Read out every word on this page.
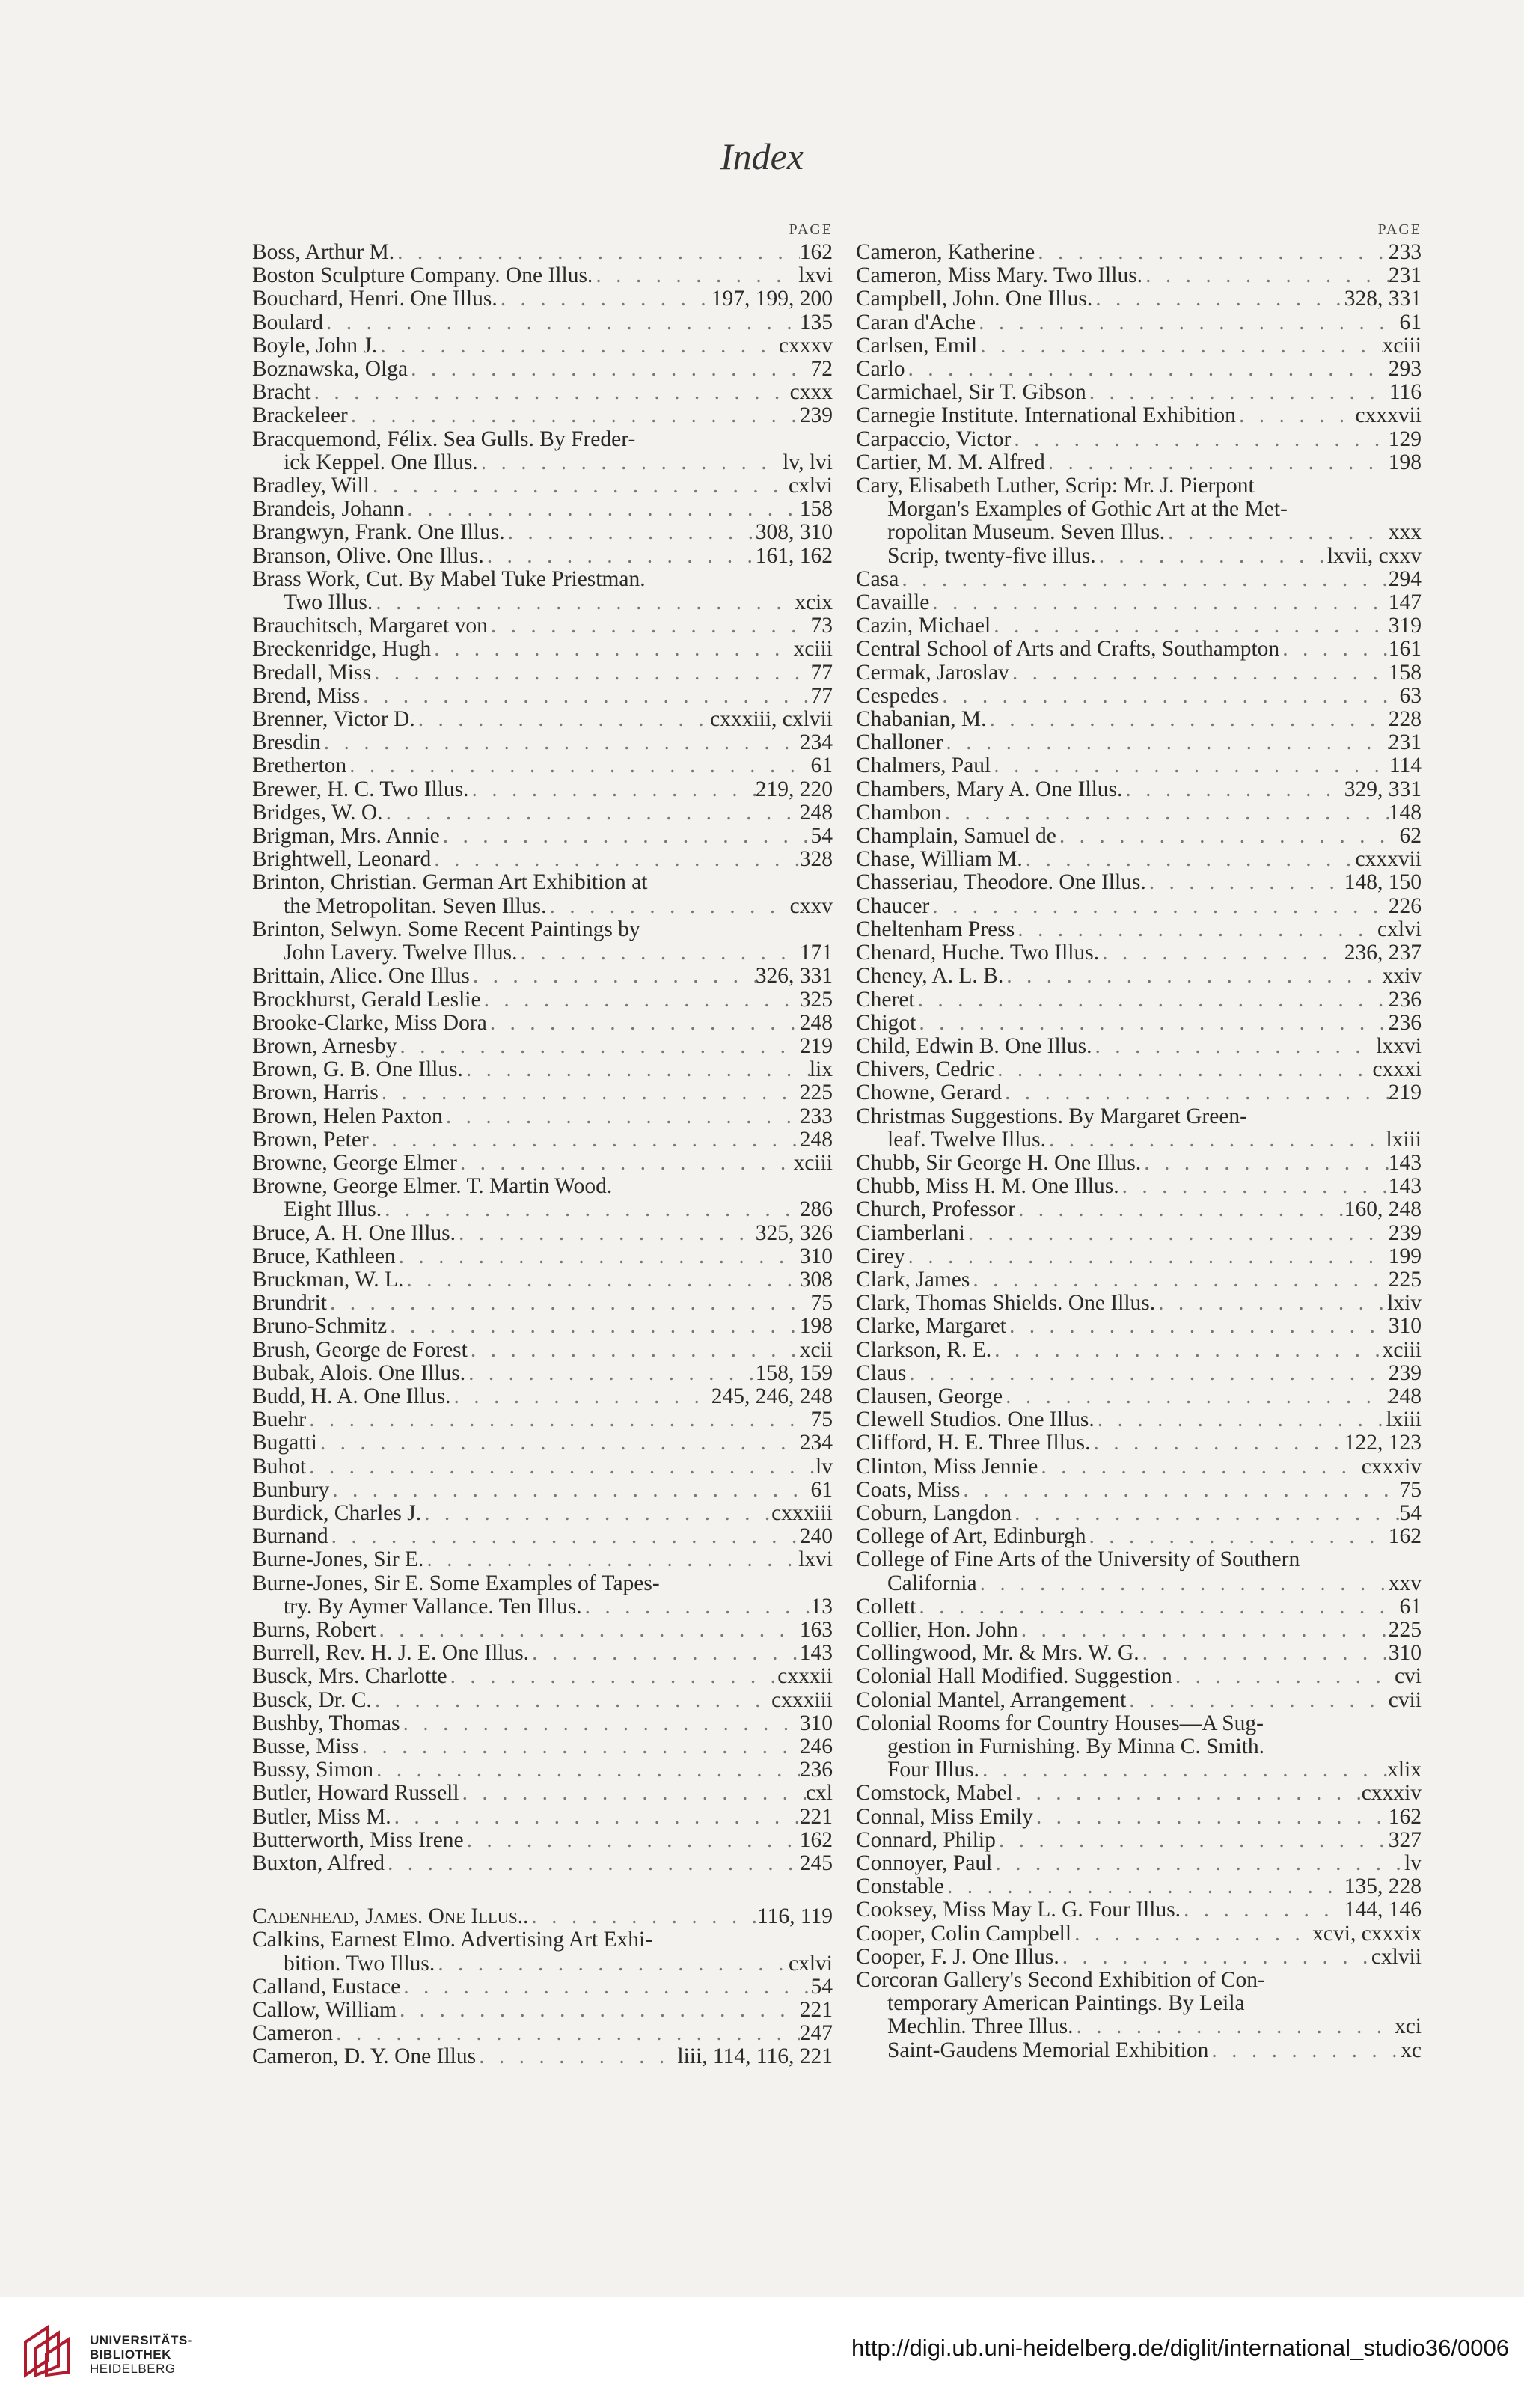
Index
PAGE
Boss, Arthur M. . . .	162
Boston Sculpture Company. One Illus. . . .	lxvi
Bouchard, Henri. One Illus. . . .	197, 199, 200
Boulard . . .	135
Boyle, John J. . . .	cxxxv
Boznawska, Olga . . .	72
Bracht . . .	cxxx
Brackeleer . . .	239
Bracquemond, Félix. Sea Gulls. By Freder-
ick Keppel. One Illus. . . .	lv, lvi
Bradley, Will . . .	cxlvi
Brandeis, Johann . . .	158
Brangwyn, Frank. One Illus. . . .	308, 310
Branson, Olive. One Illus. . . .	161, 162
Brass Work, Cut. By Mabel Tuke Priestman.
Two Illus. . . .	xcix
Brauchitsch, Margaret von . . .	73
Breckenridge, Hugh . . .	xciii
Bredall, Miss . . .	77
Brend, Miss . . .	77
Brenner, Victor D. . . .	cxxxiii, cxlvii
Bresdin . . .	234
Bretherton . . .	61
Brewer, H. C. Two Illus. . . .	219, 220
Bridges, W. O. . . .	248
Brigman, Mrs. Annie . . .	54
Brightwell, Leonard . . .	328
Brinton, Christian. German Art Exhibition at
the Metropolitan. Seven Illus. . . .	cxxv
Brinton, Selwyn. Some Recent Paintings by
John Lavery. Twelve Illus. . . .	171
Brittain, Alice. One Illus . . .	326, 331
Brockhurst, Gerald Leslie . . .	325
Brooke-Clarke, Miss Dora . . .	248
Brown, Arnesby . . .	219
Brown, G. B. One Illus. . . .	lix
Brown, Harris . . .	225
Brown, Helen Paxton . . .	233
Brown, Peter . . .	248
Browne, George Elmer . . .	xciii
Browne, George Elmer. T. Martin Wood.
Eight Illus. . . .	286
Bruce, A. H. One Illus. . . .	325, 326
Bruce, Kathleen . . .	310
Bruckman, W. L. . . .	308
Brundrit . . .	75
Bruno-Schmitz . . .	198
Brush, George de Forest . . .	xcii
Bubak, Alois. One Illus. . . .	158, 159
Budd, H. A. One Illus. . . .	245, 246, 248
Buehr . . .	75
Bugatti . . .	234
Buhot . . .	lv
Bunbury . . .	61
Burdick, Charles J. . . .	cxxxiii
Burnand . . .	240
Burne-Jones, Sir E. . . .	lxvi
Burne-Jones, Sir E. Some Examples of Tapes-
try. By Aymer Vallance. Ten Illus. . . .	13
Burns, Robert . . .	163
Burrell, Rev. H. J. E. One Illus. . . .	143
Busck, Mrs. Charlotte . . .	cxxxii
Busck, Dr. C. . . .	cxxxiii
Bushby, Thomas . . .	310
Busse, Miss . . .	246
Bussy, Simon . . .	236
Butler, Howard Russell . . .	cxl
Butler, Miss M. . . .	221
Butterworth, Miss Irene . . .	162
Buxton, Alfred . . .	245
Cadenhead, James. One Illus.. . . .	116, 119
Calkins, Earnest Elmo. Advertising Art Exhi-
bition. Two Illus. . . .	cxlvi
Calland, Eustace . . .	54
Callow, William . . .	221
Cameron . . .	247
Cameron, D. Y. One Illus . . .	liii, 114, 116, 221
PAGE
Cameron, Katherine . . .	233
Cameron, Miss Mary. Two Illus. . . .	231
Campbell, John. One Illus. . . .	328, 331
Caran d'Ache . . .	61
Carlsen, Emil . . .	xciii
Carlo . . .	293
Carmichael, Sir T. Gibson . . .	116
Carnegie Institute. International Exhibition . . .	cxxxvii
Carpaccio, Victor . . .	129
Cartier, M. M. Alfred . . .	198
Cary, Elisabeth Luther, Scrip: Mr. J. Pierpont
Morgan's Examples of Gothic Art at the Met-
ropolitan Museum. Seven Illus. . . .	xxx
Scrip, twenty-five illus. . . .	lxvii, cxxv
Casa . . .	294
Cavaille . . .	147
Cazin, Michael . . .	319
Central School of Arts and Crafts, Southampton . . .	161
Cermak, Jaroslav . . .	158
Cespedes . . .	63
Chabanian, M. . . .	228
Challoner . . .	231
Chalmers, Paul . . .	114
Chambers, Mary A. One Illus. . . .	329, 331
Chambon . . .	148
Champlain, Samuel de . . .	62
Chase, William M. . . .	cxxxvii
Chasseriau, Theodore. One Illus. . . .	148, 150
Chaucer . . .	226
Cheltenham Press . . .	cxlvi
Chenard, Huche. Two Illus. . . .	236, 237
Cheney, A. L. B. . . .	xxiv
Cheret . . .	236
Chigot . . .	236
Child, Edwin B. One Illus. . . .	lxxvi
Chivers, Cedric . . .	cxxxi
Chowne, Gerard . . .	219
Christmas Suggestions. By Margaret Green-
leaf. Twelve Illus. . . .	lxiii
Chubb, Sir George H. One Illus. . . .	143
Chubb, Miss H. M. One Illus. . . .	143
Church, Professor . . .	160, 248
Ciamberlani . . .	239
Cirey . . .	199
Clark, James . . .	225
Clark, Thomas Shields. One Illus. . . .	lxiv
Clarke, Margaret . . .	310
Clarkson, R. E. . . .	xciii
Claus . . .	239
Clausen, George . . .	248
Clewell Studios. One Illus. . . .	lxiii
Clifford, H. E. Three Illus. . . .	122, 123
Clinton, Miss Jennie . . .	cxxxiv
Coats, Miss . . .	75
Coburn, Langdon . . .	54
College of Art, Edinburgh . . .	162
College of Fine Arts of the University of Southern
California . . .	xxv
Collett . . .	61
Collier, Hon. John . . .	225
Collingwood, Mr. & Mrs. W. G. . . .	310
Colonial Hall Modified. Suggestion . . .	cvi
Colonial Mantel, Arrangement . . .	cvii
Colonial Rooms for Country Houses—A Sug-
gestion in Furnishing. By Minna C. Smith.
Four Illus. . . .	xlix
Comstock, Mabel . . .	cxxxiv
Connal, Miss Emily . . .	162
Connard, Philip . . .	327
Connoyer, Paul . . .	lv
Constable . . .	135, 228
Cooksey, Miss May L. G. Four Illus. . . .	144, 146
Cooper, Colin Campbell . . .	xcvi, cxxxix
Cooper, F. J. One Illus. . . .	cxlvii
Corcoran Gallery's Second Exhibition of Con-
temporary American Paintings. By Leila
Mechlin. Three Illus. . . .	xci
Saint-Gaudens Memorial Exhibition . . .	xc
UNIVERSITÄTS-
BIBLIOTHEK
HEIDELBERG
http://digi.ub.uni-heidelberg.de/diglit/international_studio36/0006
